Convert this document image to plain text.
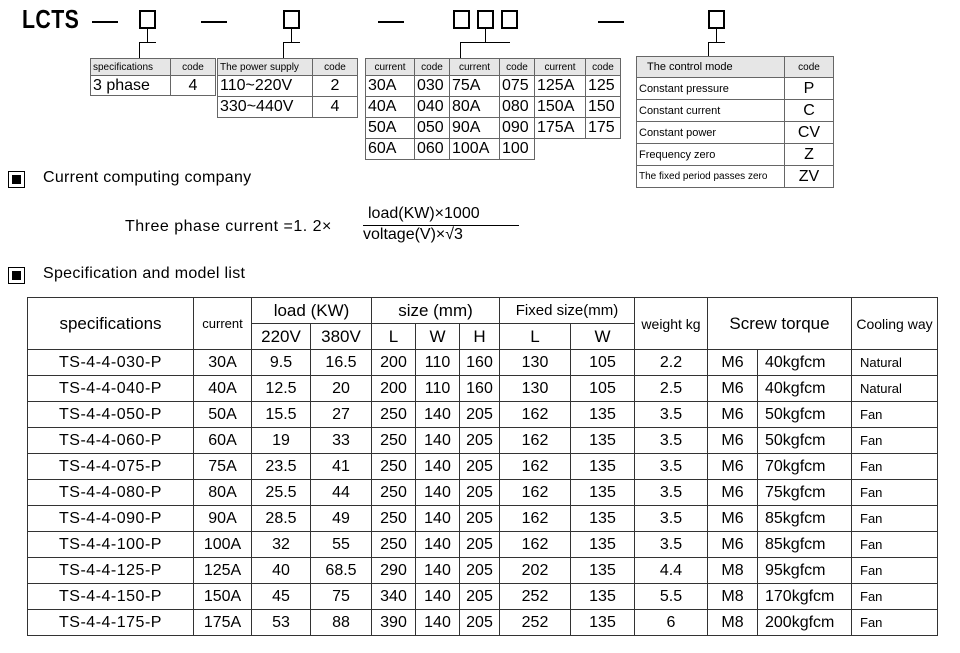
LCTS
specifications	code
3 phase	4
The power supply	code
110~220V	2
330~440V	4
current	code	current	code	current	code
30A	030	75A	075	125A	125
40A	040	80A	080	150A	150
50A	050	90A	090	175A	175
60A	060	100A	100		
The control mode	code
Constant pressure	P
Constant current	C
Constant power	CV
Frequency zero	Z
The fixed period passes zero	ZV
Current computing company
Three phase current =1. 2×
load(KW)×1000
voltage(V)×√3
Specification and model list
specifications	current	load (KW)		size (mm)			Fixed size(mm)		weight kg	Screw torque		Cooling way
		220V	380V	L	W	H	L	W				
TS-4-4-030-P	30A	9.5	16.5	200	110	160	130	105	2.2	M6	40kgfcm	Natural
TS-4-4-040-P	40A	12.5	20	200	110	160	130	105	2.5	M6	40kgfcm	Natural
TS-4-4-050-P	50A	15.5	27	250	140	205	162	135	3.5	M6	50kgfcm	Fan
TS-4-4-060-P	60A	19	33	250	140	205	162	135	3.5	M6	50kgfcm	Fan
TS-4-4-075-P	75A	23.5	41	250	140	205	162	135	3.5	M6	70kgfcm	Fan
TS-4-4-080-P	80A	25.5	44	250	140	205	162	135	3.5	M6	75kgfcm	Fan
TS-4-4-090-P	90A	28.5	49	250	140	205	162	135	3.5	M6	85kgfcm	Fan
TS-4-4-100-P	100A	32	55	250	140	205	162	135	3.5	M6	85kgfcm	Fan
TS-4-4-125-P	125A	40	68.5	290	140	205	202	135	4.4	M8	95kgfcm	Fan
TS-4-4-150-P	150A	45	75	340	140	205	252	135	5.5	M8	170kgfcm	Fan
TS-4-4-175-P	175A	53	88	390	140	205	252	135	6	M8	200kgfcm	Fan
